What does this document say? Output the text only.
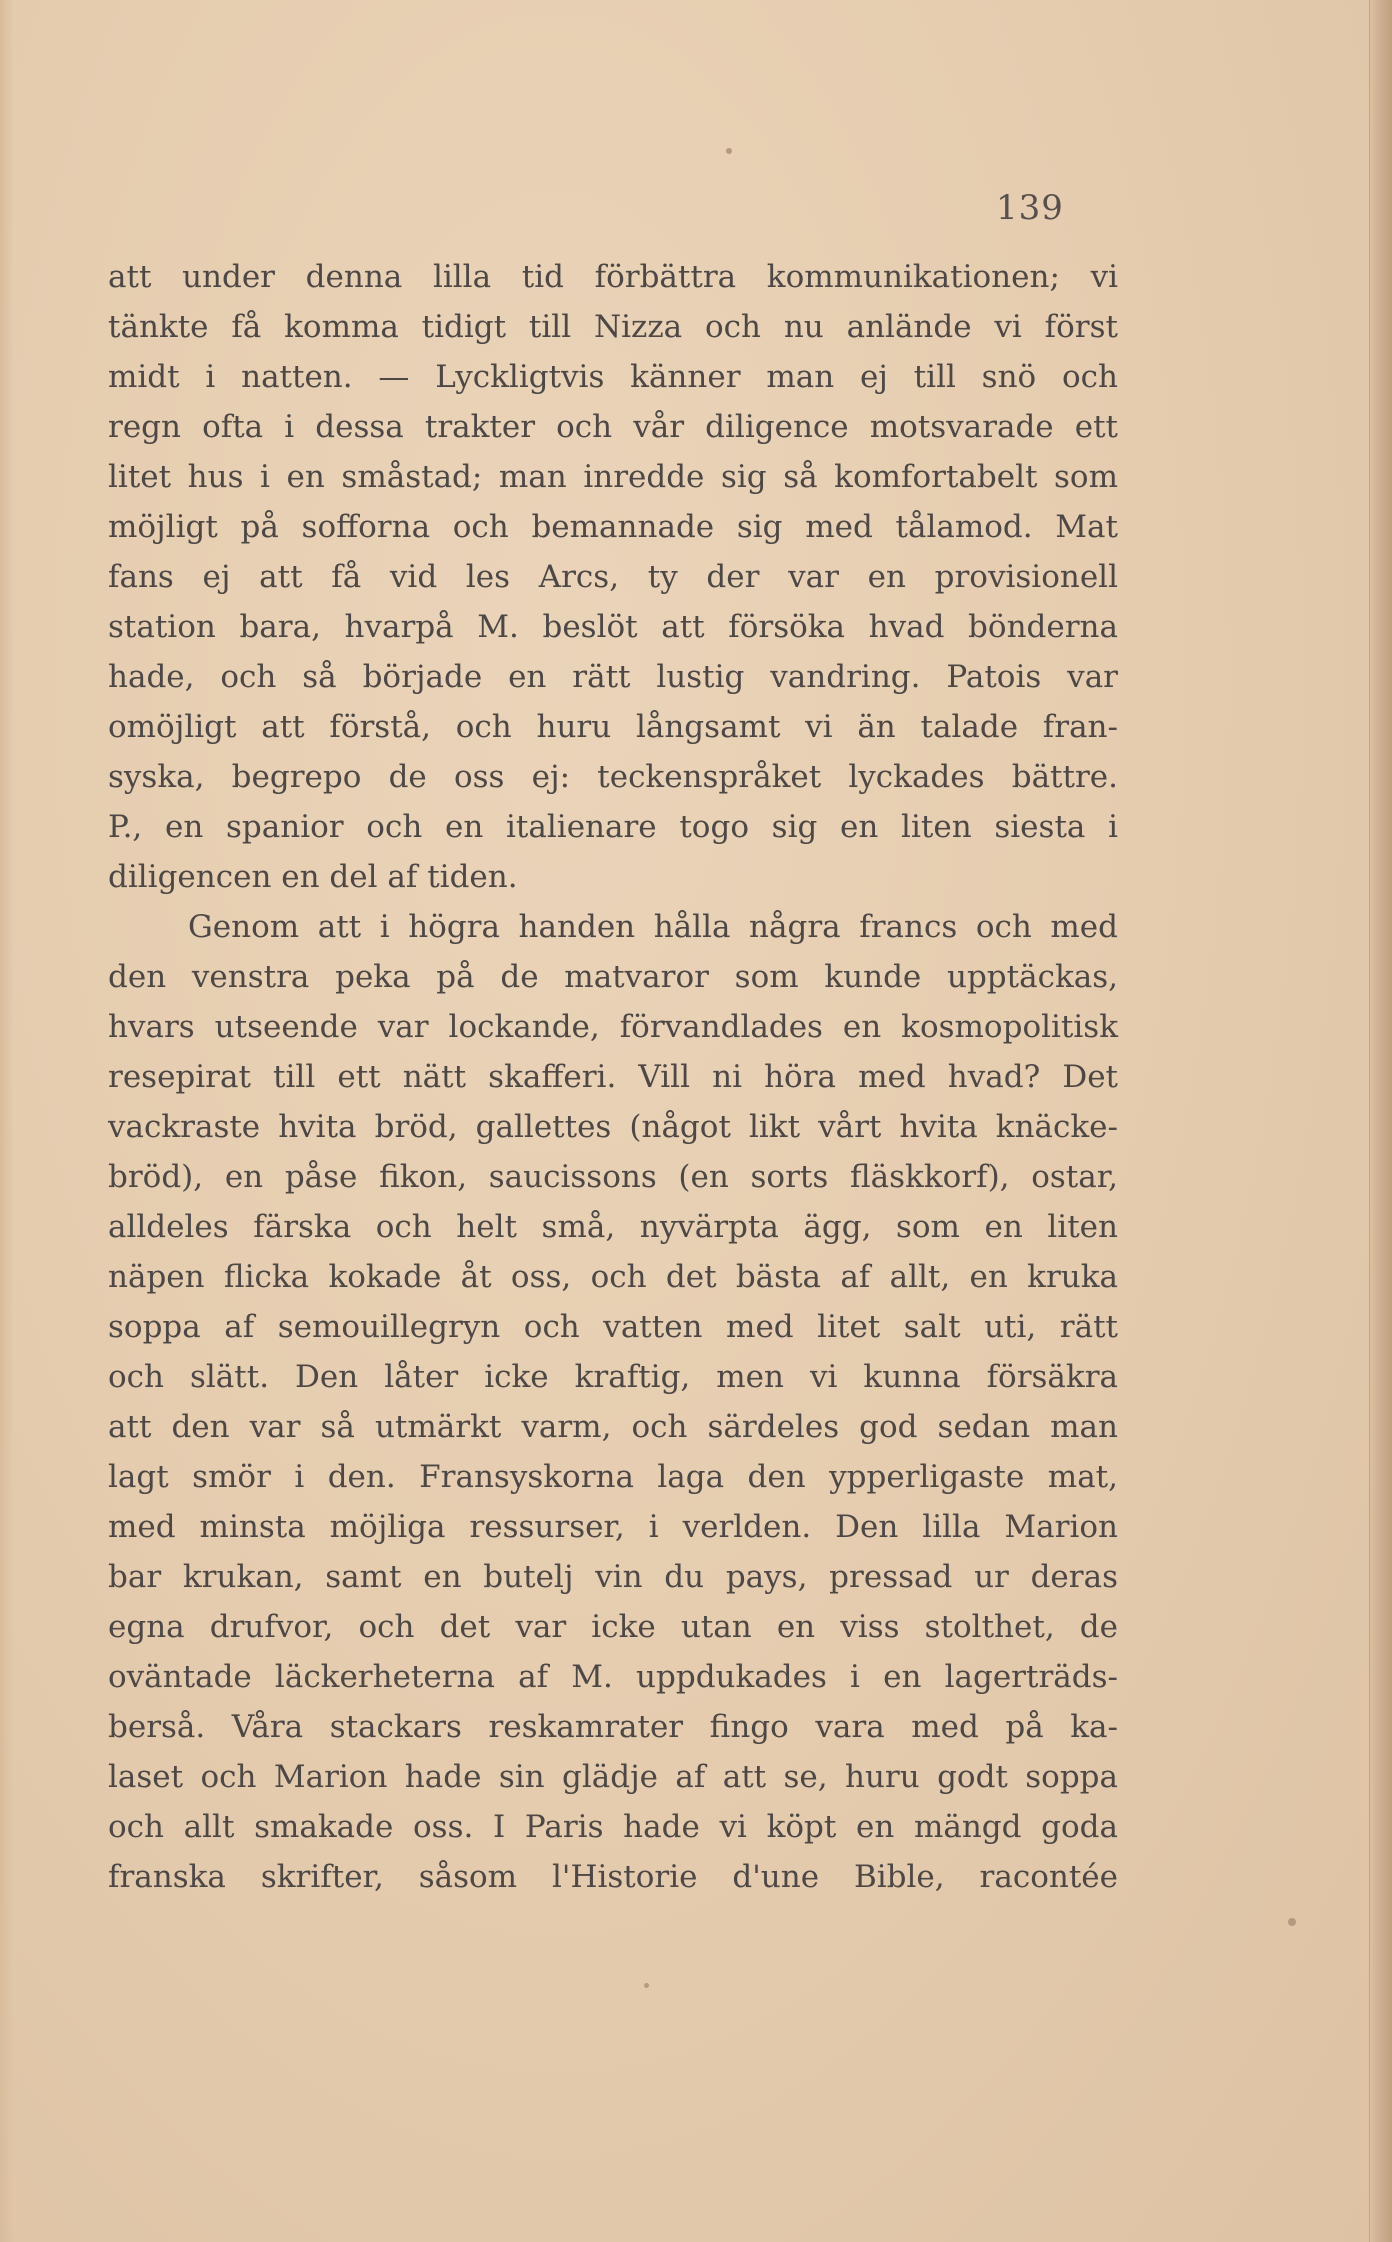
139
att under denna lilla tid förbättra kommunikationen; vi
tänkte få komma tidigt till Nizza och nu anlände vi först
midt i natten. — Lyckligtvis känner man ej till snö och
regn ofta i dessa trakter och vår diligence motsvarade ett
litet hus i en småstad; man inredde sig så komfortabelt som
möjligt på sofforna och bemannade sig med tålamod. Mat
fans ej att få vid les Arcs, ty der var en provisionell
station bara, hvarpå M. beslöt att försöka hvad bönderna
hade, och så började en rätt lustig vandring. Patois var
omöjligt att förstå, och huru långsamt vi än talade fran-
syska, begrepo de oss ej: teckenspråket lyckades bättre.
P., en spanior och en italienare togo sig en liten siesta i
diligencen en del af tiden.
Genom att i högra handen hålla några francs och med
den venstra peka på de matvaror som kunde upptäckas,
hvars utseende var lockande, förvandlades en kosmopolitisk
resepirat till ett nätt skafferi. Vill ni höra med hvad? Det
vackraste hvita bröd, gallettes (något likt vårt hvita knäcke-
bröd), en påse fikon, saucissons (en sorts fläskkorf), ostar,
alldeles färska och helt små, nyvärpta ägg, som en liten
näpen flicka kokade åt oss, och det bästa af allt, en kruka
soppa af semouillegryn och vatten med litet salt uti, rätt
och slätt. Den låter icke kraftig, men vi kunna försäkra
att den var så utmärkt varm, och särdeles god sedan man
lagt smör i den. Fransyskorna laga den ypperligaste mat,
med minsta möjliga ressurser, i verlden. Den lilla Marion
bar krukan, samt en butelj vin du pays, pressad ur deras
egna drufvor, och det var icke utan en viss stolthet, de
oväntade läckerheterna af M. uppdukades i en lagerträds-
berså. Våra stackars reskamrater fingo vara med på ka-
laset och Marion hade sin glädje af att se, huru godt soppa
och allt smakade oss. I Paris hade vi köpt en mängd goda
franska skrifter, såsom l'Historie d'une Bible, racontée
